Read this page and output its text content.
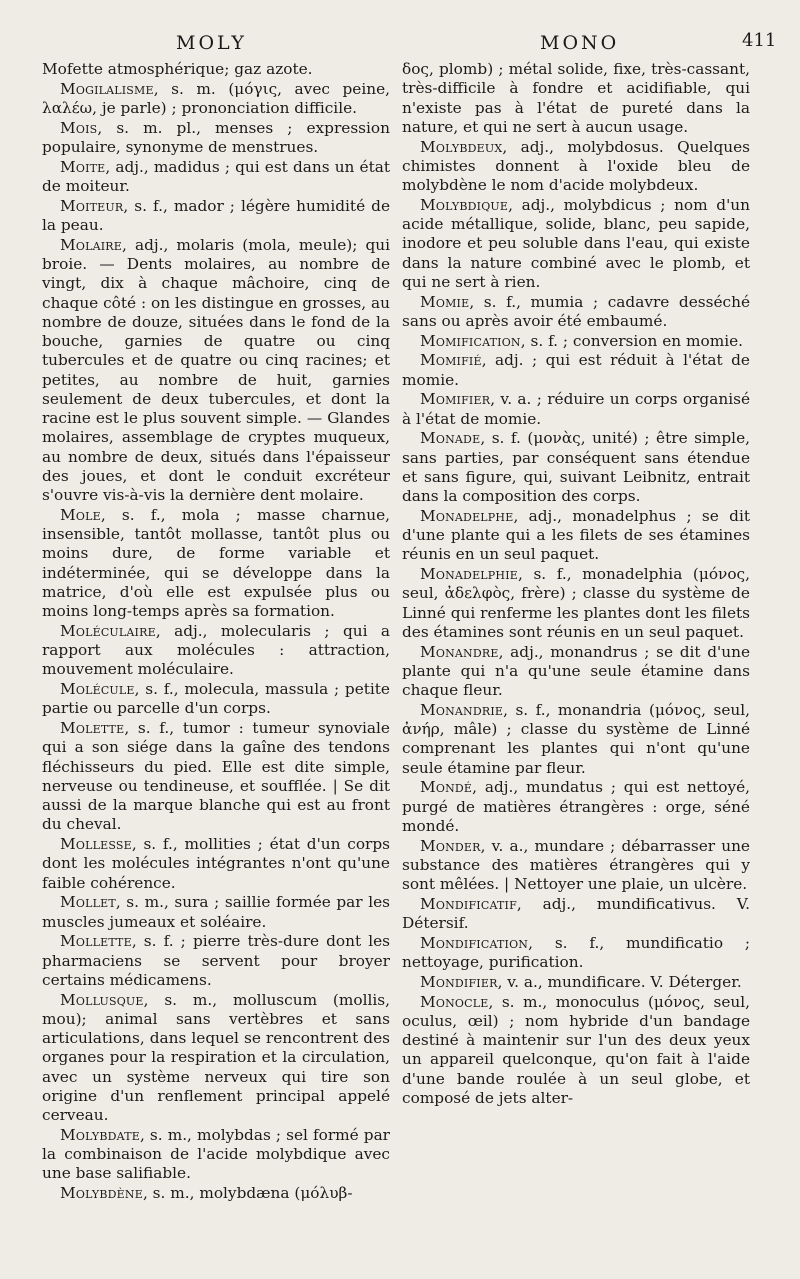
MOLY	MONO	411

Mofette atmosphérique; gaz azote.

Mogilalisme, s. m. (μόγις, avec peine, λαλέω, je parle) ; prononciation difficile.

Mois, s. m. pl., menses ; expression populaire, synonyme de menstrues.

Moite, adj., madidus ; qui est dans un état de moiteur.

Moiteur, s. f., mador ; légère humidité de la peau.

Molaire, adj., molaris (mola, meule); qui broie. — Dents molaires, au nombre de vingt, dix à chaque mâchoire, cinq de chaque côté : on les distingue en grosses, au nombre de douze, situées dans le fond de la bouche, garnies de quatre ou cinq tubercules et de quatre ou cinq racines; et petites, au nombre de huit, garnies seulement de deux tubercules, et dont la racine est le plus souvent simple. — Glandes molaires, assemblage de cryptes muqueux, au nombre de deux, situés dans l'épaisseur des joues, et dont le conduit excréteur s'ouvre vis-à-vis la dernière dent molaire.

Mole, s. f., mola ; masse charnue, insensible, tantôt mollasse, tantôt plus ou moins dure, de forme variable et indéterminée, qui se développe dans la matrice, d'où elle est expulsée plus ou moins long-temps après sa formation.

Moléculaire, adj., molecularis ; qui a rapport aux molécules : attraction, mouvement moléculaire.

Molécule, s. f., molecula, massula ; petite partie ou parcelle d'un corps.

Molette, s. f., tumor : tumeur synoviale qui a son siége dans la gaîne des tendons fléchisseurs du pied. Elle est dite simple, nerveuse ou tendineuse, et soufflée. | Se dit aussi de la marque blanche qui est au front du cheval.

Mollesse, s. f., mollities ; état d'un corps dont les molécules intégrantes n'ont qu'une faible cohérence.

Mollet, s. m., sura ; saillie formée par les muscles jumeaux et soléaire.

Mollette, s. f. ; pierre très-dure dont les pharmaciens se servent pour broyer certains médicamens.

Mollusque, s. m., molluscum (mollis, mou); animal sans vertèbres et sans articulations, dans lequel se rencontrent des organes pour la respiration et la circulation, avec un système nerveux qui tire son origine d'un renflement principal appelé cerveau.

Molybdate, s. m., molybdas ; sel formé par la combinaison de l'acide molybdique avec une base salifiable.

Molybdène, s. m., molybdæna (μόλυβ-

δος, plomb) ; métal solide, fixe, très-cassant, très-difficile à fondre et acidifiable, qui n'existe pas à l'état de pureté dans la nature, et qui ne sert à aucun usage.

Molybdeux, adj., molybdosus. Quelques chimistes donnent à l'oxide bleu de molybdène le nom d'acide molybdeux.

Molybdique, adj., molybdicus ; nom d'un acide métallique, solide, blanc, peu sapide, inodore et peu soluble dans l'eau, qui existe dans la nature combiné avec le plomb, et qui ne sert à rien.

Momie, s. f., mumia ; cadavre desséché sans ou après avoir été embaumé.

Momification, s. f. ; conversion en momie.

Momifié, adj. ; qui est réduit à l'état de momie.

Momifier, v. a. ; réduire un corps organisé à l'état de momie.

Monade, s. f. (μονὰς, unité) ; être simple, sans parties, par conséquent sans étendue et sans figure, qui, suivant Leibnitz, entrait dans la composition des corps.

Monadelphe, adj., monadelphus ; se dit d'une plante qui a les filets de ses étamines réunis en un seul paquet.

Monadelphie, s. f., monadelphia (μόνος, seul, ἀδελφὸς, frère) ; classe du système de Linné qui renferme les plantes dont les filets des étamines sont réunis en un seul paquet.

Monandre, adj., monandrus ; se dit d'une plante qui n'a qu'une seule étamine dans chaque fleur.

Monandrie, s. f., monandria (μόνος, seul, ἀνήρ, mâle) ; classe du système de Linné comprenant les plantes qui n'ont qu'une seule étamine par fleur.

Mondé, adj., mundatus ; qui est nettoyé, purgé de matières étrangères : orge, séné mondé.

Monder, v. a., mundare ; débarrasser une substance des matières étrangères qui y sont mêlées. | Nettoyer une plaie, un ulcère.

Mondificatif, adj., mundificativus. V. Détersif.

Mondification, s. f., mundificatio ; nettoyage, purification.

Mondifier, v. a., mundificare. V. Déterger.

Monocle, s. m., monoculus (μόνος, seul, oculus, œil) ; nom hybride d'un bandage destiné à maintenir sur l'un des deux yeux un appareil quelconque, qu'on fait à l'aide d'une bande roulée à un seul globe, et composé de jets alter-
